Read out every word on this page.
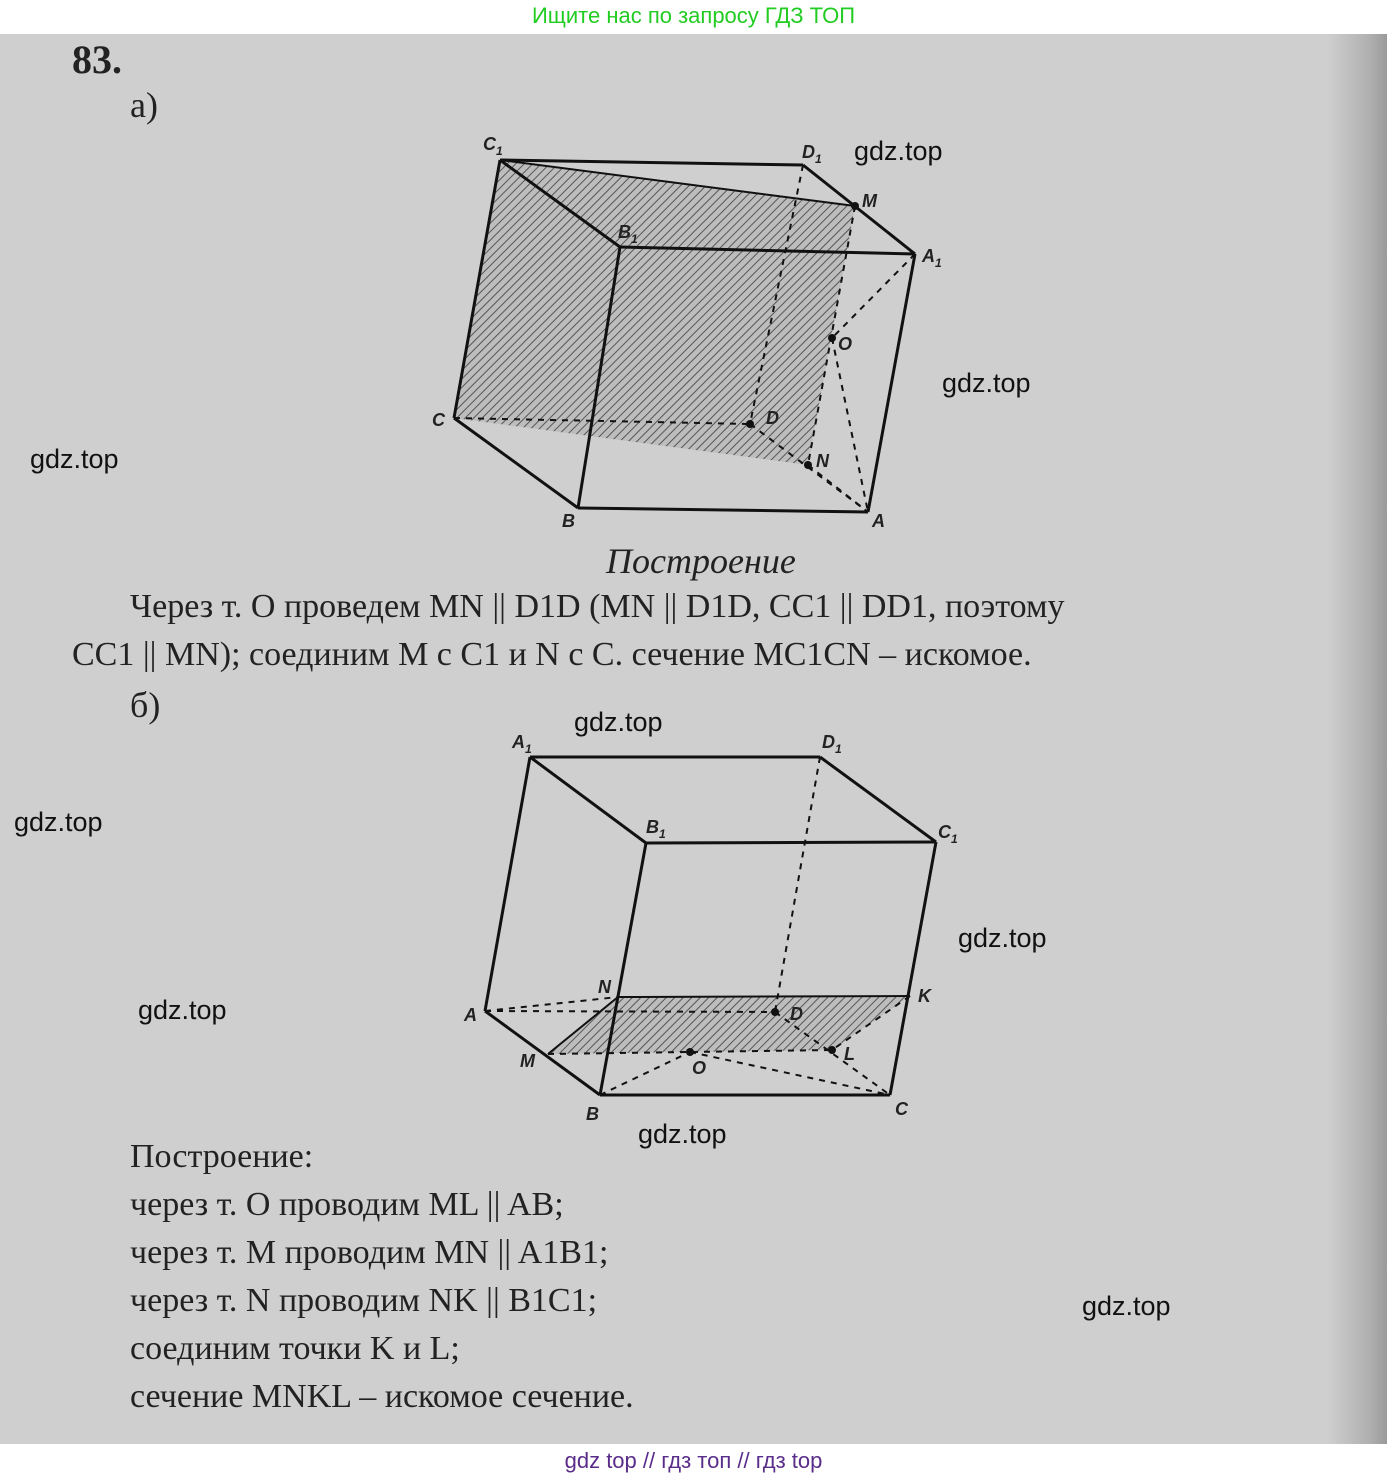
Ищите нас по запросу ГДЗ ТОП
$C_1$	$D_1$
M
$B_1$
$A_1$
O
C	D
N
B	A
$A_1$	$D_1$
$B_1$	$C_1$
N	K
A	D
M	O
L
B	C
83.
а)
Построение
Через т. O проведем MN || D1D (MN || D1D, CC1 || DD1, поэтому
CC1 || MN); соединим M с C1 и N с C. сечение MC1CN – искомое.
б)
Построение:
через т. O проводим ML || AB;
через т. M проводим MN || A1B1;
через т. N проводим NK || B1C1;
соединим точки K и L;
сечение MNKL – искомое сечение.
gdz.top
gdz.top
gdz.top
gdz.top
gdz.top
gdz.top
gdz.top
gdz.top
gdz.top
gdz top // гдз топ // гдз top
